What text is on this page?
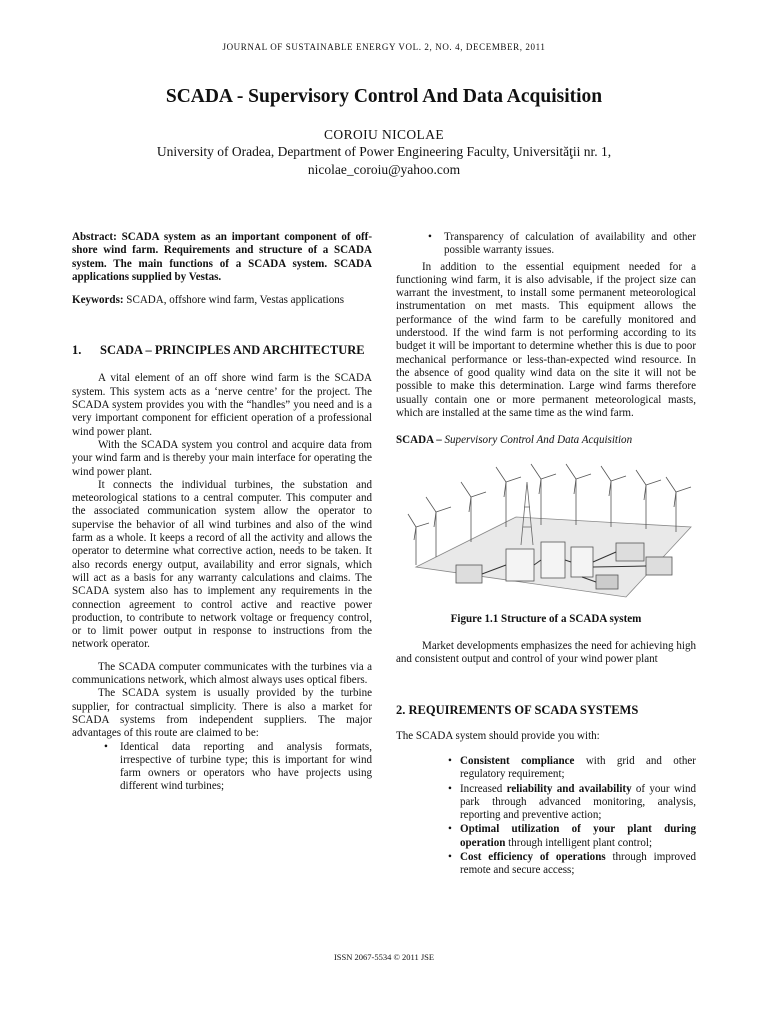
JOURNAL OF SUSTAINABLE ENERGY VOL. 2, NO. 4, DECEMBER, 2011
SCADA - Supervisory Control And Data Acquisition
COROIU NICOLAE
University of Oradea, Department of Power Engineering Faculty, Universităţii nr. 1,
nicolae_coroiu@yahoo.com

Abstract: SCADA system as an important component of off-shore wind farm. Requirements and structure of a SCADA system. The main functions of a SCADA system. SCADA applications supplied by Vestas.

Keywords: SCADA, offshore wind farm, Vestas applications

1.	SCADA – PRINCIPLES AND ARCHITECTURE

A vital element of an off shore wind farm is the SCADA system. This system acts as a ‘nerve centre’ for the project. The SCADA system provides you with the “handles” you need and is a very important component for efficient operation of a professional wind power plant.

With the SCADA system you control and acquire data from your wind farm and is thereby your main interface for operating the wind power plant.

It connects the individual turbines, the substation and meteorological stations to a central computer. This computer and the associated communication system allow the operator to supervise the behavior of all wind turbines and also of the wind farm as a whole. It keeps a record of all the activity and allows the operator to determine what corrective action, needs to be taken. It also records energy output, availability and error signals, which will act as a basis for any warranty calculations and claims. The SCADA system also has to implement any requirements in the connection agreement to control active and reactive power production, to contribute to network voltage or frequency control, or to limit power output in response to instructions from the network operator.

The SCADA computer communicates with the turbines via a communications network, which almost always uses optical fibers.

The SCADA system is usually provided by the turbine supplier, for contractual simplicity. There is also a market for SCADA systems from independent suppliers. The major advantages of this route are claimed to be:

• Identical data reporting and analysis formats, irrespective of turbine type; this is important for wind farm owners or operators who have projects using different wind turbines;
• Transparency of calculation of availability and other possible warranty issues.

In addition to the essential equipment needed for a functioning wind farm, it is also advisable, if the project size can warrant the investment, to install some permanent meteorological instrumentation on met masts. This equipment allows the performance of the wind farm to be carefully monitored and understood. If the wind farm is not performing according to its budget it will be important to determine whether this is due to poor mechanical performance or less-than-expected wind resource. In the absence of good quality wind data on the site it will not be possible to make this determination. Large wind farms therefore usually contain one or more permanent meteorological masts, which are installed at the same time as the wind farm.

SCADA – Supervisory Control And Data Acquisition

Figure 1.1 Structure of a SCADA system

Market developments emphasizes the need for achieving high and consistent output and control of your wind power plant

2. REQUIREMENTS OF SCADA SYSTEMS

The SCADA system should provide you with:

• Consistent compliance with grid and other regulatory requirement;
• Increased reliability and availability of your wind park through advanced monitoring, analysis, reporting and preventive action;
• Optimal utilization of your plant during operation through intelligent plant control;
• Cost efficiency of operations through improved remote and secure access;
ISSN 2067-5534 © 2011 JSE
